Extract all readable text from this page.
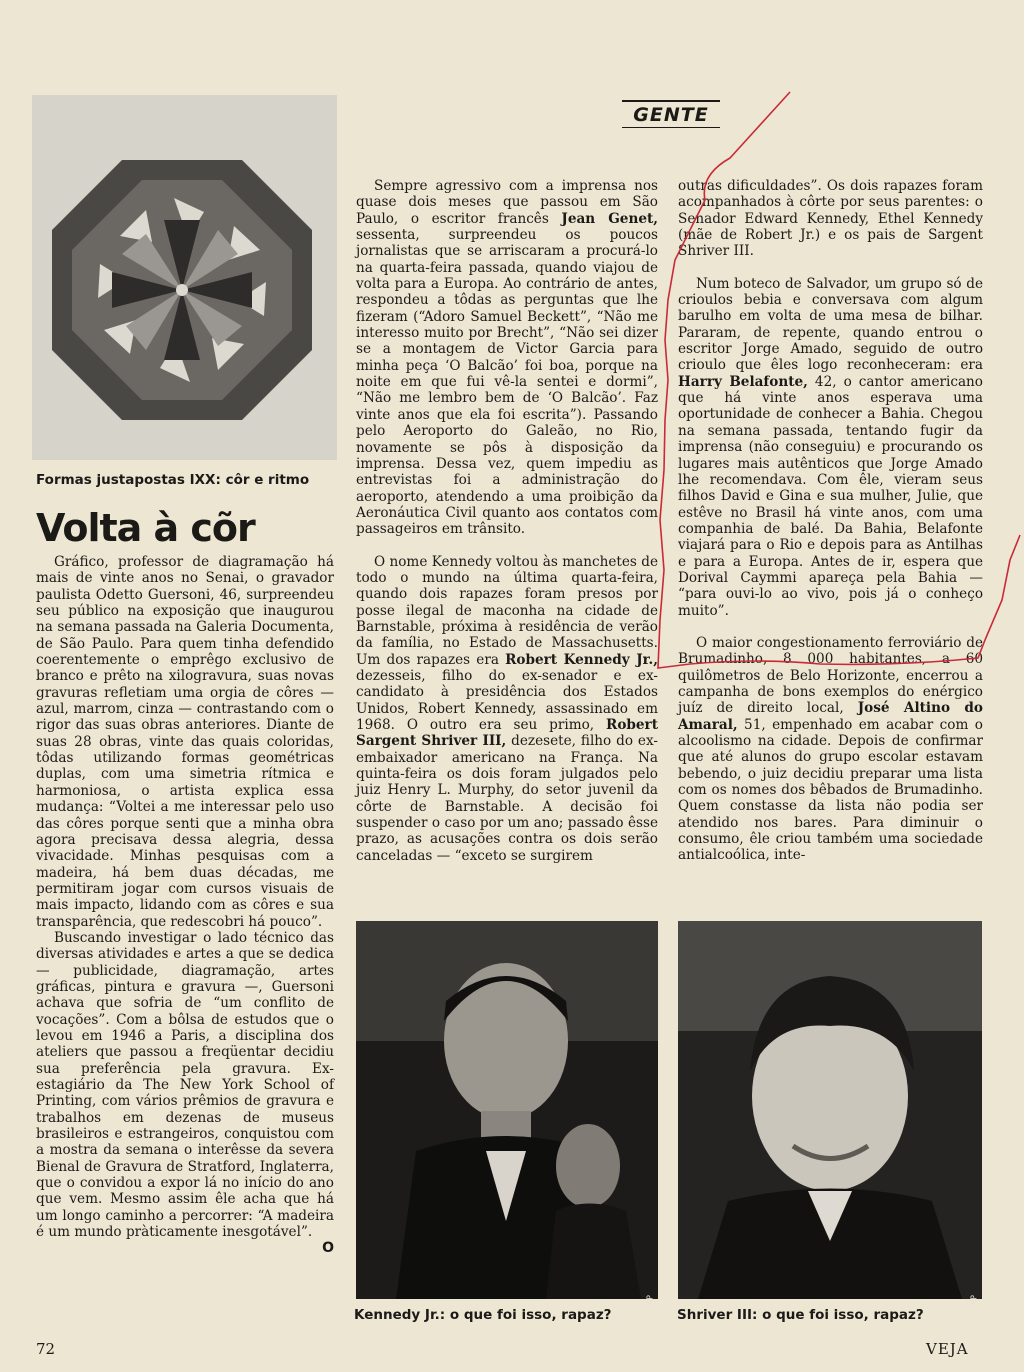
GENTE
Formas justapostas IXX: côr e ritmo
Volta à cõr

Gráfico, professor de diagramação há mais de vinte anos no Senai, o gravador paulista Odetto Guersoni, 46, surpreendeu seu público na exposição que inaugurou na semana passada na Galeria Documenta, de São Paulo. Para quem tinha defendido coerentemente o emprêgo exclusivo de branco e prêto na xilogravura, suas novas gravuras refletiam uma orgia de côres — azul, marrom, cinza — contrastando com o rigor das suas obras anteriores. Diante de suas 28 obras, vinte das quais coloridas, tôdas utilizando formas geométricas duplas, com uma simetria rítmica e harmoniosa, o artista explica essa mudança: “Voltei a me interessar pelo uso das côres porque senti que a minha obra agora precisava dessa alegria, dessa vivacidade. Minhas pesquisas com a madeira, há bem duas décadas, me permitiram jogar com cursos visuais de mais impacto, lidando com as côres e sua transparência, que redescobri há pouco”.

Buscando investigar o lado técnico das diversas atividades e artes a que se dedica — publicidade, diagramação, artes gráficas, pintura e gravura —, Guersoni achava que sofria de “um conflito de vocações”. Com a bôlsa de estudos que o levou em 1946 a Paris, a disciplina dos ateliers que passou a freqüentar decidiu sua preferência pela gravura. Ex-estagiário da The New York School of Printing, com vários prêmios de gravura e trabalhos em dezenas de museus brasileiros e estrangeiros, conquistou com a mostra da semana o interêsse da severa Bienal de Gravura de Stratford, Inglaterra, que o convidou a expor lá no início do ano que vem. Mesmo assim êle acha que há um longo caminho a percorrer: “A madeira é um mundo pràticamente inesgotável”.
O

Sempre agressivo com a imprensa nos quase dois meses que passou em São Paulo, o escritor francês Jean Genet, sessenta, surpreendeu os poucos jornalistas que se arriscaram a procurá-lo na quarta-feira passada, quando viajou de volta para a Europa. Ao contrário de antes, respondeu a tôdas as perguntas que lhe fizeram (“Adoro Samuel Beckett”, “Não me interesso muito por Brecht”, “Não sei dizer se a montagem de Victor Garcia para minha peça ‘O Balcão’ foi boa, porque na noite em que fui vê-la sentei e dormi”, “Não me lembro bem de ‘O Balcão’. Faz vinte anos que ela foi escrita”). Passando pelo Aeroporto do Galeão, no Rio, novamente se pôs à disposição da imprensa. Dessa vez, quem impediu as entrevistas foi a administração do aeroporto, atendendo a uma proibição da Aeronáutica Civil quanto aos contatos com passageiros em trânsito.

O nome Kennedy voltou às manchetes de todo o mundo na última quarta-feira, quando dois rapazes foram presos por posse ilegal de maconha na cidade de Barnstable, próxima à residência de verão da família, no Estado de Massachusetts. Um dos rapazes era Robert Kennedy Jr., dezesseis, filho do ex-senador e ex-candidato à presidência dos Estados Unidos, Robert Kennedy, assassinado em 1968. O outro era seu primo, Robert Sargent Shriver III, dezesete, filho do ex-embaixador americano na França. Na quinta-feira os dois foram julgados pelo juiz Henry L. Murphy, do setor juvenil da côrte de Barnstable. A decisão foi suspender o caso por um ano; passado êsse prazo, as acusações contra os dois serão canceladas — “exceto se surgirem

outras dificuldades”. Os dois rapazes foram acompanhados à côrte por seus parentes: o Senador Edward Kennedy, Ethel Kennedy (mãe de Robert Jr.) e os pais de Sargent Shriver III.

Num boteco de Salvador, um grupo só de crioulos bebia e conversava com algum barulho em volta de uma mesa de bilhar. Pararam, de repente, quando entrou o escritor Jorge Amado, seguido de outro crioulo que êles logo reconheceram: era Harry Belafonte, 42, o cantor americano que há vinte anos esperava uma oportunidade de conhecer a Bahia. Chegou na semana passada, tentando fugir da imprensa (não conseguiu) e procurando os lugares mais autênticos que Jorge Amado lhe recomendava. Com êle, vieram seus filhos David e Gina e sua mulher, Julie, que estêve no Brasil há vinte anos, com uma companhia de balé. Da Bahia, Belafonte viajará para o Rio e depois para as Antilhas e para a Europa. Antes de ir, espera que Dorival Caymmi apareça pela Bahia — “para ouvi-lo ao vivo, pois já o conheço muito”.

O maior congestionamento ferroviário de Brumadinho, 8 000 habitantes, a 60 quilômetros de Belo Horizonte, encerrou a campanha de bons exemplos do enérgico juíz de direito local, José Altino do Amaral, 51, empenhado em acabar com o alcoolismo na cidade. Depois de confirmar que até alunos do grupo escolar estavam bebendo, o juiz decidiu preparar uma lista com os nomes dos bêbados de Brumadinho. Quem constasse da lista não podia ser atendido nos bares. Para diminuir o consumo, êle criou também uma sociedade antialcoólica, inte-

AP
Kennedy Jr.: o que foi isso, rapaz?
AP
Shriver III: o que foi isso, rapaz?
72	VEJA
